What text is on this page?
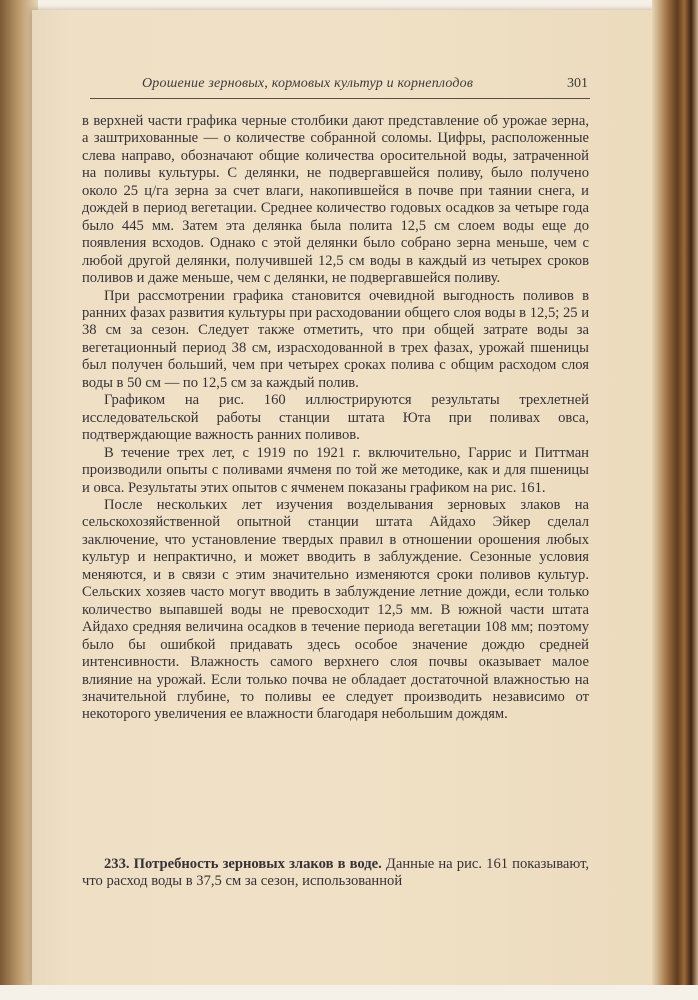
Орошение зерновых, кормовых культур и корнеплодов	301

в верхней части графика черные столбики дают представление об урожае зерна, а заштрихованные — о количестве собранной соломы. Цифры, расположенные слева направо, обозначают общие количества оросительной воды, затраченной на поливы культуры. С делянки, не подвергавшейся поливу, было получено около 25 ц/га зерна за счет влаги, накопившейся в почве при таянии снега, и дождей в период вегетации. Среднее количество годовых осадков за четыре года было 445 мм. Затем эта делянка была полита 12,5 см слоем воды еще до появления всходов. Однако с этой делянки было собрано зерна меньше, чем с любой другой делянки, получившей 12,5 см воды в каждый из четырех сроков поливов и даже меньше, чем с делянки, не подвергавшейся поливу.

При рассмотрении графика становится очевидной выгодность поливов в ранних фазах развития культуры при расходовании общего слоя воды в 12,5; 25 и 38 см за сезон. Следует также отметить, что при общей затрате воды за вегетационный период 38 см, израсходованной в трех фазах, урожай пшеницы был получен больший, чем при четырех сроках полива с общим расходом слоя воды в 50 см — по 12,5 см за каждый полив.

Графиком на рис. 160 иллюстрируются результаты трехлетней исследовательской работы станции штата Юта при поливах овса, подтверждающие важность ранних поливов.

В течение трех лет, с 1919 по 1921 г. включительно, Гаррис и Питтман производили опыты с поливами ячменя по той же методике, как и для пшеницы и овса. Результаты этих опытов с ячменем показаны графиком на рис. 161.

После нескольких лет изучения возделывания зерновых злаков на сельскохозяйственной опытной станции штата Айдахо Эйкер сделал заключение, что установление твердых правил в отношении орошения любых культур и непрактично, и может вводить в заблуждение. Сезонные условия меняются, и в связи с этим значительно изменяются сроки поливов культур. Сельских хозяев часто могут вводить в заблуждение летние дожди, если только количество выпавшей воды не превосходит 12,5 мм. В южной части штата Айдахо средняя величина осадков в течение периода вегетации 108 мм; поэтому было бы ошибкой придавать здесь особое значение дождю средней интенсивности. Влажность самого верхнего слоя почвы оказывает малое влияние на урожай. Если только почва не обладает достаточной влажностью на значительной глубине, то поливы ее следует производить независимо от некоторого увеличения ее влажности благодаря небольшим дождям.

233. Потребность зерновых злаков в воде. Данные на рис. 161 показывают, что расход воды в 37,5 см за сезон, использованной
